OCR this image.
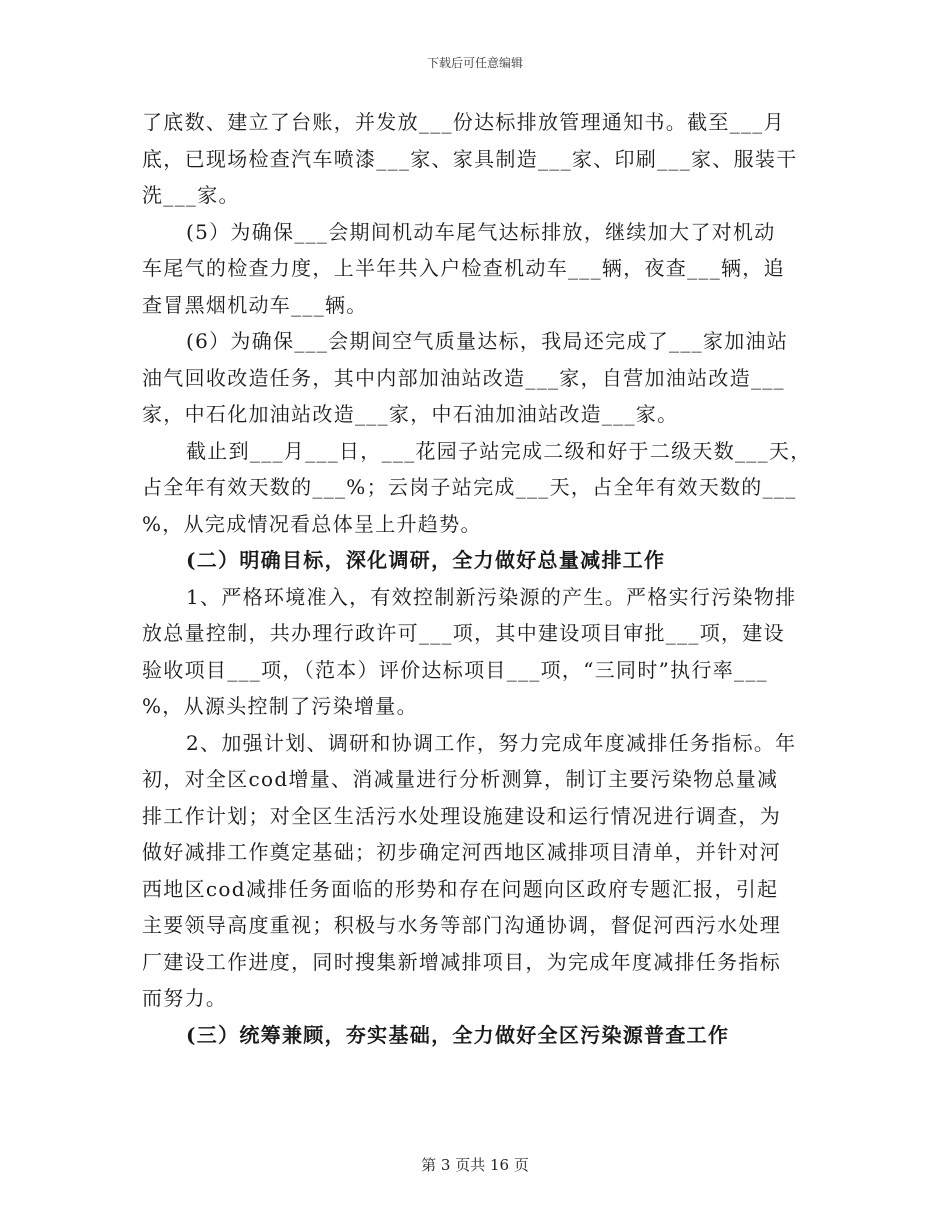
下载后可任意编辑
了底数、建立了台账，并发放___份达标排放管理通知书。截至___月
底，已现场检查汽车喷漆___家、家具制造___家、印刷___家、服装干
洗___家。
(5）为确保___会期间机动车尾气达标排放，继续加大了对机动
车尾气的检查力度，上半年共入户检查机动车___辆，夜查___辆，追
查冒黑烟机动车___辆。
(6）为确保___会期间空气质量达标，我局还完成了___家加油站
油气回收改造任务，其中内部加油站改造___家，自营加油站改造___
家，中石化加油站改造___家，中石油加油站改造___家。
截止到___月___日，___花园子站完成二级和好于二级天数___天，
占全年有效天数的___%；云岗子站完成___天，占全年有效天数的___
%，从完成情况看总体呈上升趋势。
(二）明确目标，深化调研，全力做好总量减排工作
1、严格环境准入，有效控制新污染源的产生。严格实行污染物排
放总量控制，共办理行政许可___项，其中建设项目审批___项，建设
验收项目___项，（范本）评价达标项目___项，“三同时”执行率___
%，从源头控制了污染增量。
2、加强计划、调研和协调工作，努力完成年度减排任务指标。年
初，对全区cod增量、消减量进行分析测算，制订主要污染物总量减
排工作计划；对全区生活污水处理设施建设和运行情况进行调查，为
做好减排工作奠定基础；初步确定河西地区减排项目清单，并针对河
西地区cod减排任务面临的形势和存在问题向区政府专题汇报，引起
主要领导高度重视；积极与水务等部门沟通协调，督促河西污水处理
厂建设工作进度，同时搜集新增减排项目，为完成年度减排任务指标
而努力。
(三）统筹兼顾，夯实基础，全力做好全区污染源普查工作
第 3 页共 16 页
